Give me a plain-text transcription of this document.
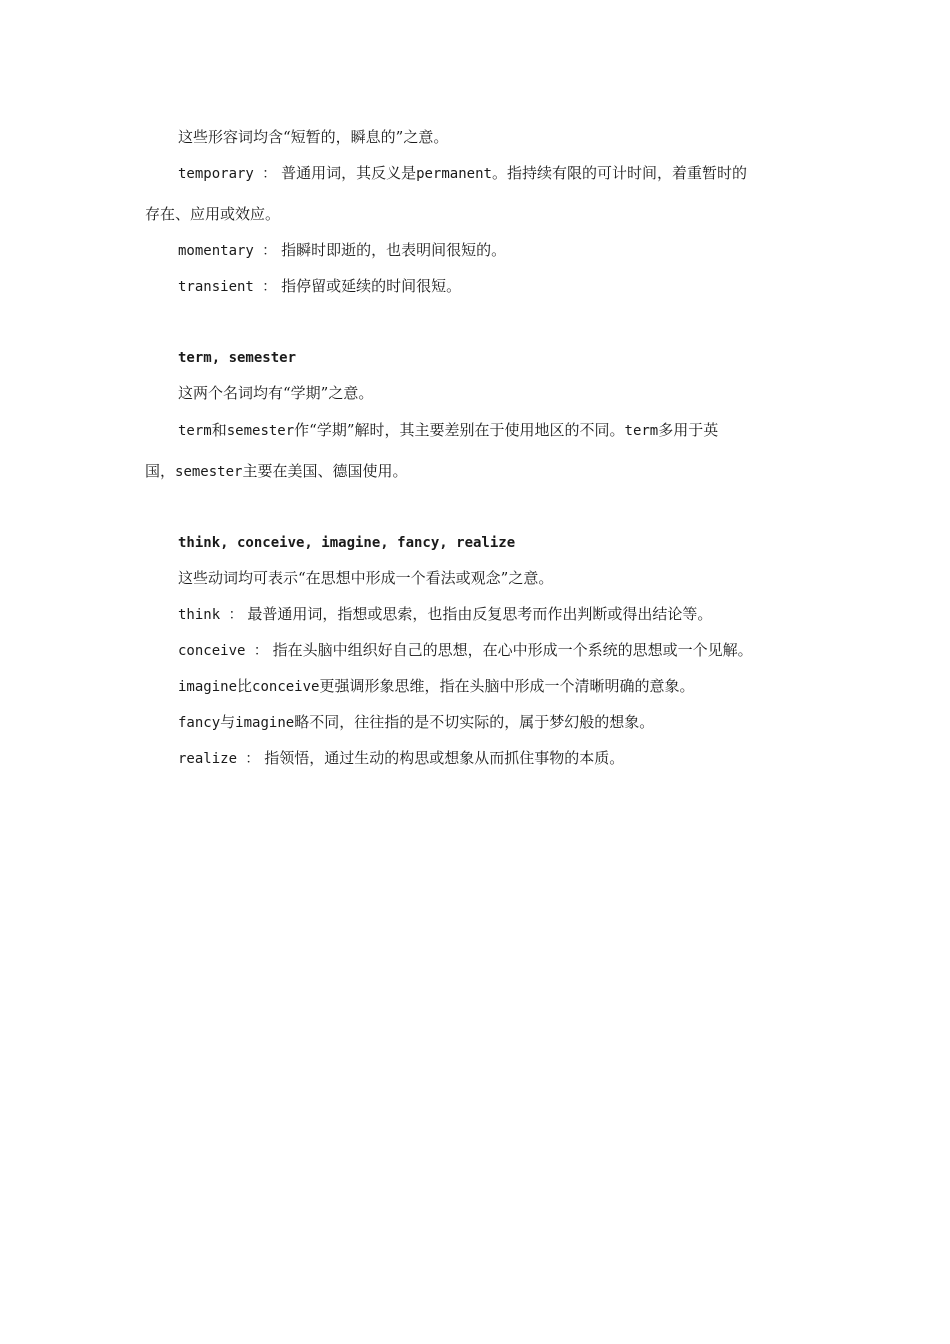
这些形容词均含“短暂的，瞬息的”之意。
temporary ： 普通用词，其反义是permanent。指持续有限的可计时间，着重暂时的
存在、应用或效应。
momentary ： 指瞬时即逝的，也表明间很短的。
transient ： 指停留或延续的时间很短。
term, semester
这两个名词均有“学期”之意。
term和semester作“学期”解时，其主要差别在于使用地区的不同。term多用于英
国，semester主要在美国、德国使用。
think, conceive, imagine, fancy, realize
这些动词均可表示“在思想中形成一个看法或观念”之意。
think ： 最普通用词，指想或思索，也指由反复思考而作出判断或得出结论等。
conceive ： 指在头脑中组织好自己的思想，在心中形成一个系统的思想或一个见解。
imagine比conceive更强调形象思维，指在头脑中形成一个清晰明确的意象。
fancy与imagine略不同，往往指的是不切实际的，属于梦幻般的想象。
realize ： 指领悟，通过生动的构思或想象从而抓住事物的本质。
